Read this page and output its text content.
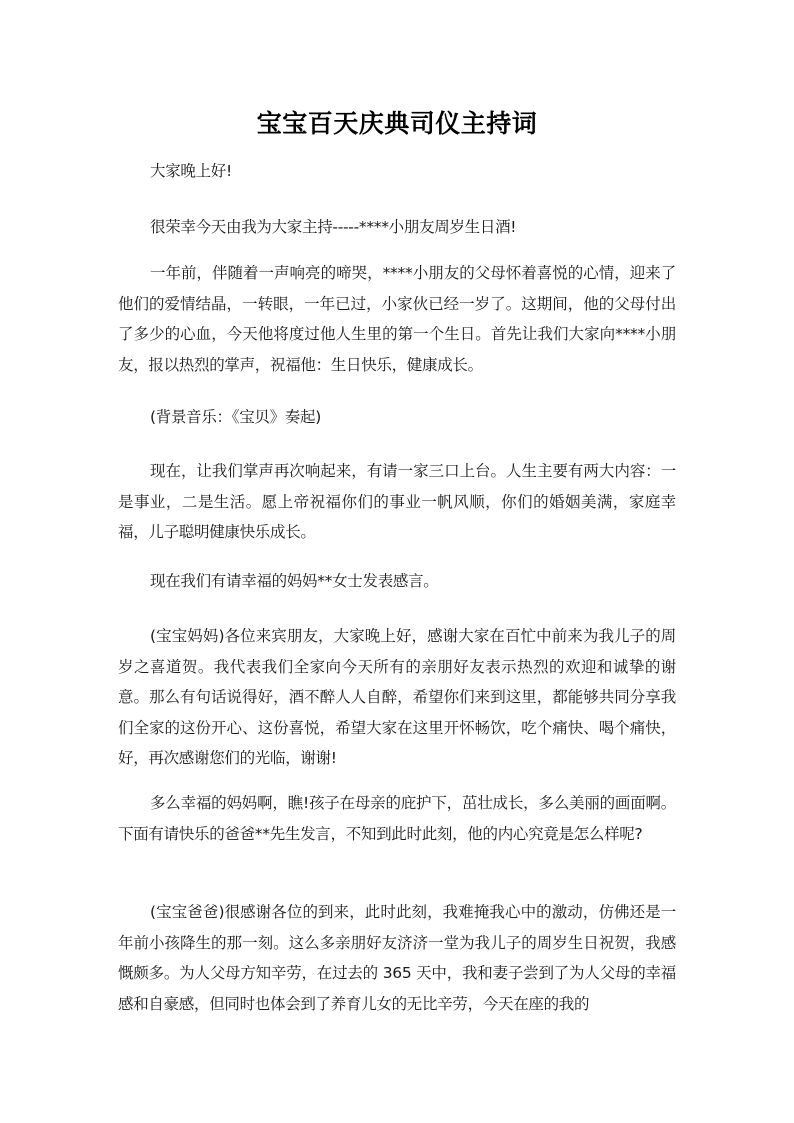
宝宝百天庆典司仪主持词

大家晚上好!

很荣幸今天由我为大家主持-----****小朋友周岁生日酒!

一年前，伴随着一声响亮的啼哭，****小朋友的父母怀着喜悦的心情，迎来了他们的爱情结晶，一转眼，一年已过，小家伙已经一岁了。这期间，他的父母付出了多少的心血，今天他将度过他人生里的第一个生日。首先让我们大家向****小朋友，报以热烈的掌声，祝福他：生日快乐，健康成长。

(背景音乐：《宝贝》奏起)

现在，让我们掌声再次响起来，有请一家三口上台。人生主要有两大内容：一是事业，二是生活。愿上帝祝福你们的事业一帆风顺，你们的婚姻美满，家庭幸福，儿子聪明健康快乐成长。

现在我们有请幸福的妈妈**女士发表感言。

(宝宝妈妈)各位来宾朋友，大家晚上好，感谢大家在百忙中前来为我儿子的周岁之喜道贺。我代表我们全家向今天所有的亲朋好友表示热烈的欢迎和诚挚的谢意。那么有句话说得好，酒不醉人人自醉，希望你们来到这里，都能够共同分享我们全家的这份开心、这份喜悦，希望大家在这里开怀畅饮，吃个痛快、喝个痛快，好，再次感谢您们的光临，谢谢!

多么幸福的妈妈啊，瞧!孩子在母亲的庇护下，茁壮成长，多么美丽的画面啊。下面有请快乐的爸爸**先生发言，不知到此时此刻，他的内心究竟是怎么样呢?

(宝宝爸爸)很感谢各位的到来，此时此刻，我难掩我心中的激动，仿佛还是一年前小孩降生的那一刻。这么多亲朋好友济济一堂为我儿子的周岁生日祝贺，我感慨颇多。为人父母方知辛劳，在过去的 365 天中，我和妻子尝到了为人父母的幸福感和自豪感，但同时也体会到了养育儿女的无比辛劳，今天在座的我的
